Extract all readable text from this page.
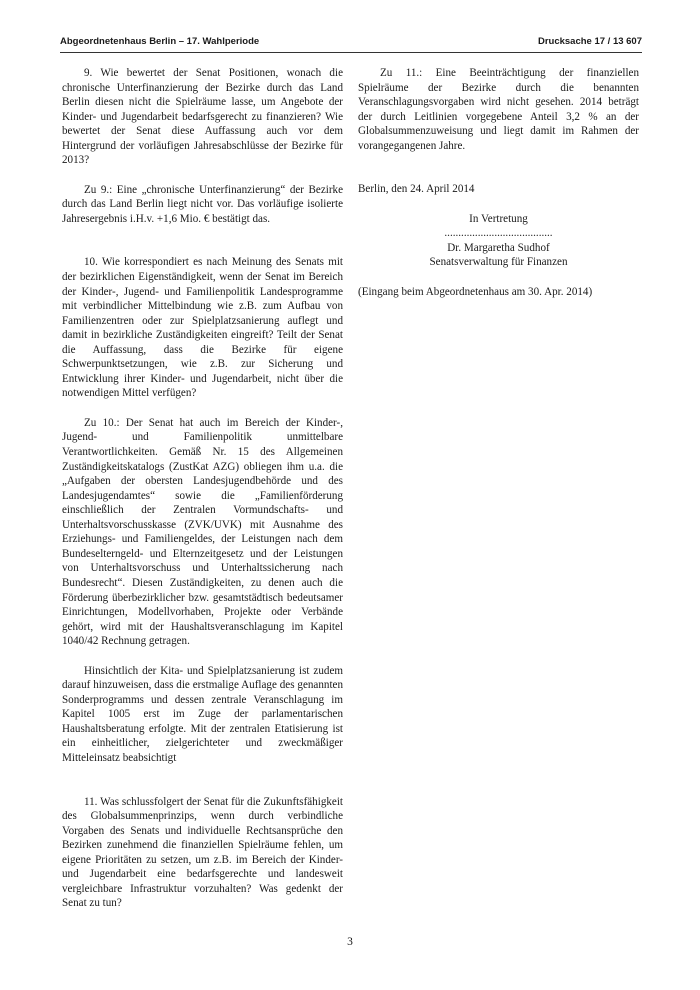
Abgeordnetenhaus Berlin – 17. Wahlperiode	Drucksache 17 / 13 607

9. Wie bewertet der Senat Positionen, wonach die chronische Unterfinanzierung der Bezirke durch das Land Berlin diesen nicht die Spielräume lasse, um Angebote der Kinder- und Jugendarbeit bedarfsgerecht zu finanzieren? Wie bewertet der Senat diese Auffassung auch vor dem Hintergrund der vorläufigen Jahresabschlüsse der Bezirke für 2013?

Zu 9.: Eine „chronische Unterfinanzierung“ der Bezirke durch das Land Berlin liegt nicht vor. Das vorläufige isolierte Jahresergebnis i.H.v. +1,6 Mio. € bestätigt das.

10. Wie korrespondiert es nach Meinung des Senats mit der bezirklichen Eigenständigkeit, wenn der Senat im Bereich der Kinder-, Jugend- und Familienpolitik Landesprogramme mit verbindlicher Mittelbindung wie z.B. zum Aufbau von Familienzentren oder zur Spielplatzsanierung auflegt und damit in bezirkliche Zuständigkeiten eingreift? Teilt der Senat die Auffassung, dass die Bezirke für eigene Schwerpunktsetzungen, wie z.B. zur Sicherung und Entwicklung ihrer Kinder- und Jugendarbeit, nicht über die notwendigen Mittel verfügen?

Zu 10.: Der Senat hat auch im Bereich der Kinder-, Jugend- und Familienpolitik unmittelbare Verantwortlichkeiten. Gemäß Nr. 15 des Allgemeinen Zuständigkeitskatalogs (ZustKat AZG) obliegen ihm u.a. die „Aufgaben der obersten Landesjugendbehörde und des Landesjugendamtes“ sowie die „Familienförderung einschließlich der Zentralen Vormundschafts- und Unterhaltsvorschusskasse (ZVK/UVK) mit Ausnahme des Erziehungs- und Familiengeldes, der Leistungen nach dem Bundeselterngeld- und Elternzeitgesetz und der Leistungen von Unterhaltsvorschuss und Unterhaltssicherung nach Bundesrecht“. Diesen Zuständigkeiten, zu denen auch die Förderung überbezirklicher bzw. gesamtstädtisch bedeutsamer Einrichtungen, Modellvorhaben, Projekte oder Verbände gehört, wird mit der Haushaltsveranschlagung im Kapitel 1040/42 Rechnung getragen.

Hinsichtlich der Kita- und Spielplatzsanierung ist zudem darauf hinzuweisen, dass die erstmalige Auflage des genannten Sonderprogramms und dessen zentrale Veranschlagung im Kapitel 1005 erst im Zuge der parlamentarischen Haushaltsberatung erfolgte. Mit der zentralen Etatisierung ist ein einheitlicher, zielgerichteter und zweckmäßiger Mitteleinsatz beabsichtigt

11. Was schlussfolgert der Senat für die Zukunftsfähigkeit des Globalsummenprinzips, wenn durch verbindliche Vorgaben des Senats und individuelle Rechtsansprüche den Bezirken zunehmend die finanziellen Spielräume fehlen, um eigene Prioritäten zu setzen, um z.B. im Bereich der Kinder- und Jugendarbeit eine bedarfsgerechte und landesweit vergleichbare Infrastruktur vorzuhalten? Was gedenkt der Senat zu tun?

Zu 11.: Eine Beeinträchtigung der finanziellen Spielräume der Bezirke durch die benannten Veranschlagungsvorgaben wird nicht gesehen. 2014 beträgt der durch Leitlinien vorgegebene Anteil 3,2 % an der Globalsummenzuweisung und liegt damit im Rahmen der vorangegangenen Jahre.

Berlin, den 24. April 2014

In Vertretung

.......................................

Dr. Margaretha Sudhof

Senatsverwaltung für Finanzen

(Eingang beim Abgeordnetenhaus am 30. Apr. 2014)

3
